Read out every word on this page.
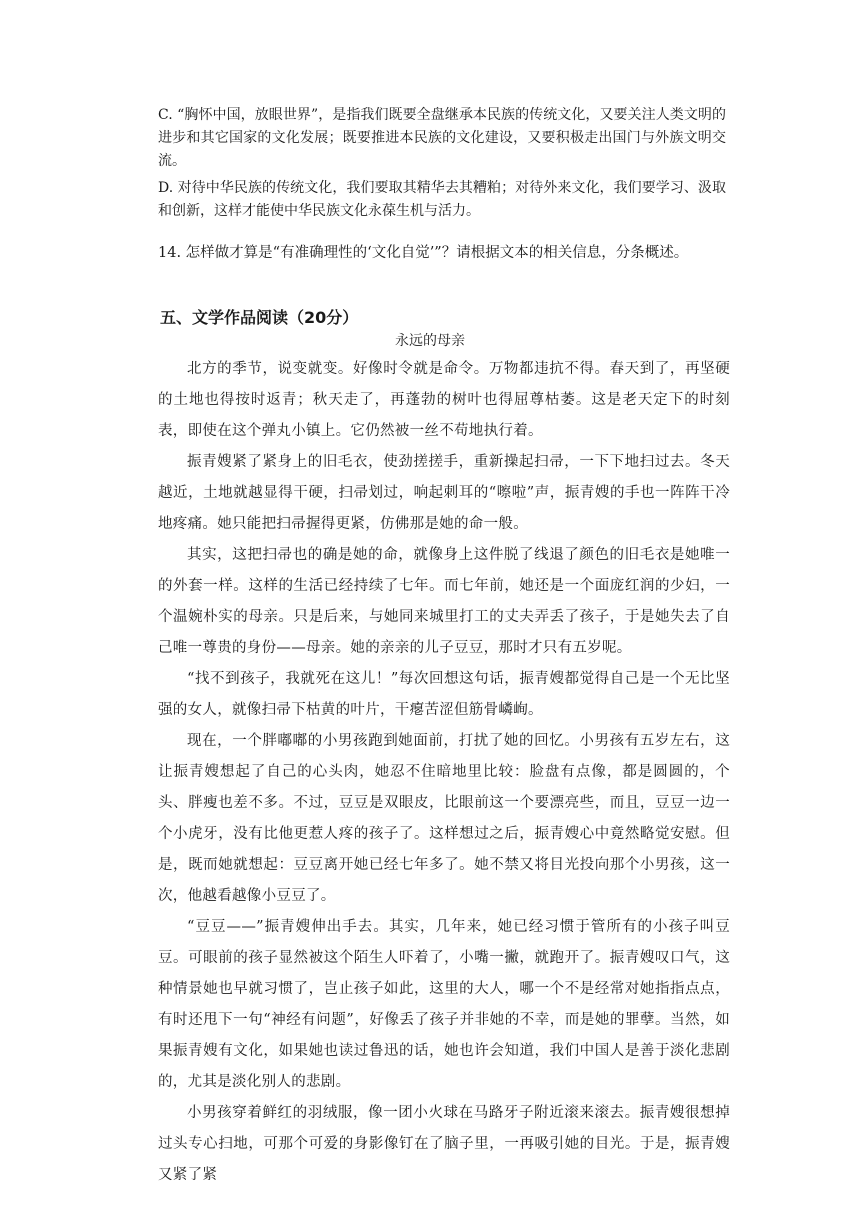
C. “胸怀中国，放眼世界”，是指我们既要全盘继承本民族的传统文化，又要关注人类文明的进步和其它国家的文化发展；既要推进本民族的文化建设，又要积极走出国门与外族文明交流。

D. 对待中华民族的传统文化，我们要取其精华去其糟粕；对待外来文化，我们要学习、汲取和创新，这样才能使中华民族文化永葆生机与活力。

14. 怎样做才算是“有准确理性的‘文化自觉’”？请根据文本的相关信息，分条概述。

五、文学作品阅读（20分）
永远的母亲

北方的季节，说变就变。好像时令就是命令。万物都违抗不得。春天到了，再坚硬的土地也得按时返青；秋天走了，再蓬勃的树叶也得屈尊枯萎。这是老天定下的时刻表，即使在这个弹丸小镇上。它仍然被一丝不苟地执行着。

振青嫂紧了紧身上的旧毛衣，使劲搓搓手，重新操起扫帚，一下下地扫过去。冬天越近，土地就越显得干硬，扫帚划过，响起刺耳的“嚓啦”声，振青嫂的手也一阵阵干冷地疼痛。她只能把扫帚握得更紧，仿佛那是她的命一般。

其实，这把扫帚也的确是她的命，就像身上这件脱了线退了颜色的旧毛衣是她唯一的外套一样。这样的生活已经持续了七年。而七年前，她还是一个面庞红润的少妇，一个温婉朴实的母亲。只是后来，与她同来城里打工的丈夫弄丢了孩子，于是她失去了自己唯一尊贵的身份——母亲。她的亲亲的儿子豆豆，那时才只有五岁呢。

“找不到孩子，我就死在这儿！”每次回想这句话，振青嫂都觉得自己是一个无比坚强的女人，就像扫帚下枯黄的叶片，干瘪苦涩但筋骨嶙峋。

现在，一个胖嘟嘟的小男孩跑到她面前，打扰了她的回忆。小男孩有五岁左右，这让振青嫂想起了自己的心头肉，她忍不住暗地里比较：脸盘有点像，都是圆圆的，个头、胖瘦也差不多。不过，豆豆是双眼皮，比眼前这一个要漂亮些，而且，豆豆一边一个小虎牙，没有比他更惹人疼的孩子了。这样想过之后，振青嫂心中竟然略觉安慰。但是，既而她就想起：豆豆离开她已经七年多了。她不禁又将目光投向那个小男孩，这一次，他越看越像小豆豆了。

“豆豆——”振青嫂伸出手去。其实，几年来，她已经习惯于管所有的小孩子叫豆豆。可眼前的孩子显然被这个陌生人吓着了，小嘴一撇，就跑开了。振青嫂叹口气，这种情景她也早就习惯了，岂止孩子如此，这里的大人，哪一个不是经常对她指指点点，有时还甩下一句“神经有问题”，好像丢了孩子并非她的不幸，而是她的罪孽。当然，如果振青嫂有文化，如果她也读过鲁迅的话，她也许会知道，我们中国人是善于淡化悲剧的，尤其是淡化别人的悲剧。

小男孩穿着鲜红的羽绒服，像一团小火球在马路牙子附近滚来滚去。振青嫂很想掉过头专心扫地，可那个可爱的身影像钉在了脑子里，一再吸引她的目光。于是，振青嫂又紧了紧
